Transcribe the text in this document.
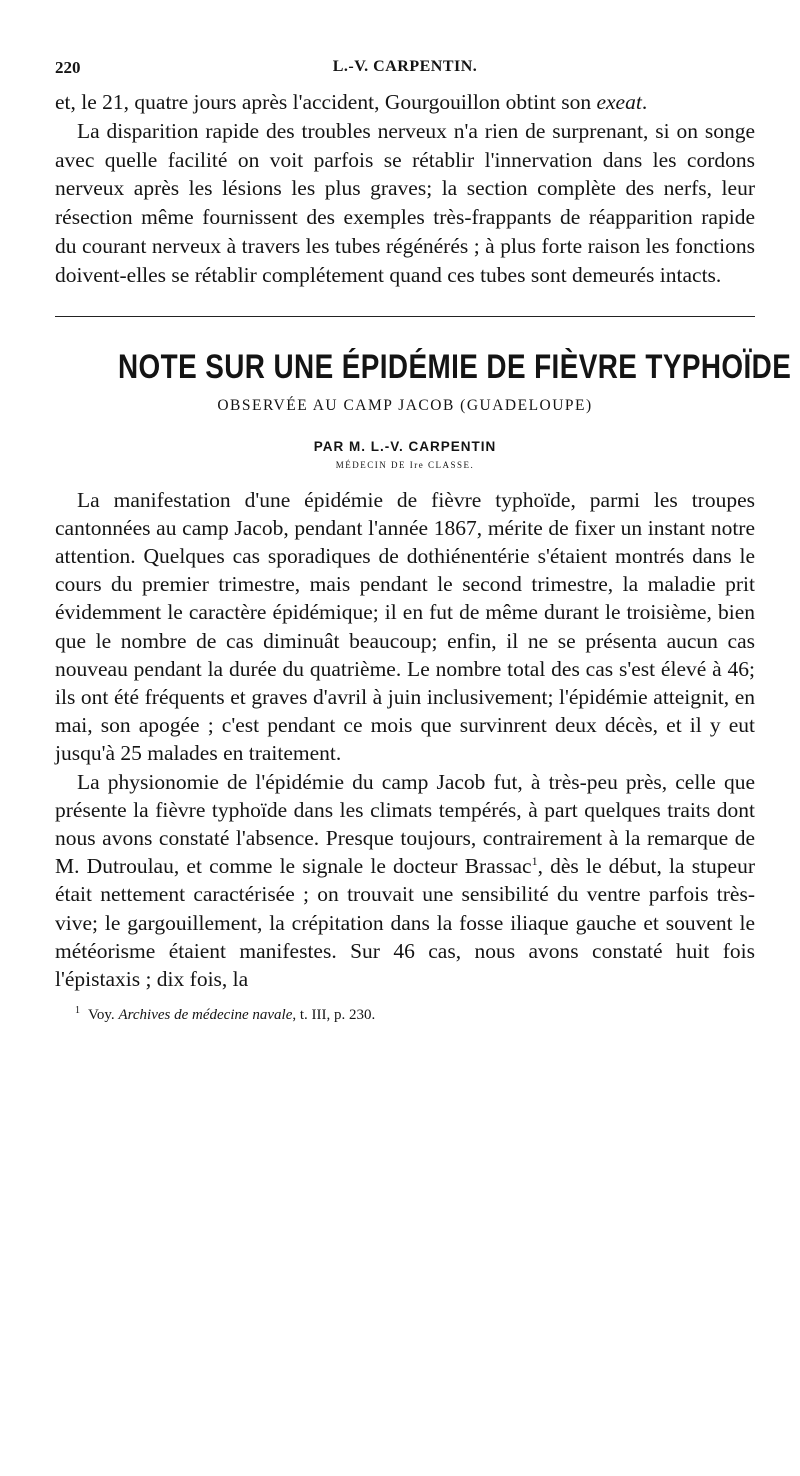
220	L.-V. CARPENTIN.

et, le 21, quatre jours après l'accident, Gourgouillon obtint son exeat.

La disparition rapide des troubles nerveux n'a rien de surprenant, si on songe avec quelle facilité on voit parfois se rétablir l'innervation dans les cordons nerveux après les lésions les plus graves; la section complète des nerfs, leur résection même fournissent des exemples très-frappants de réapparition rapide du courant nerveux à travers les tubes régénérés ; à plus forte raison les fonctions doivent-elles se rétablir complétement quand ces tubes sont demeurés intacts.

NOTE SUR UNE ÉPIDÉMIE DE FIÈVRE TYPHOÏDE
OBSERVÉE AU CAMP JACOB (GUADELOUPE)
PAR M. L.-V. CARPENTIN
MÉDECIN DE Ire CLASSE.

La manifestation d'une épidémie de fièvre typhoïde, parmi les troupes cantonnées au camp Jacob, pendant l'année 1867, mérite de fixer un instant notre attention. Quelques cas sporadiques de dothiénentérie s'étaient montrés dans le cours du premier trimestre, mais pendant le second trimestre, la maladie prit évidemment le caractère épidémique; il en fut de même durant le troisième, bien que le nombre de cas diminuât beaucoup; enfin, il ne se présenta aucun cas nouveau pendant la durée du quatrième. Le nombre total des cas s'est élevé à 46; ils ont été fréquents et graves d'avril à juin inclusivement; l'épidémie atteignit, en mai, son apogée ; c'est pendant ce mois que survinrent deux décès, et il y eut jusqu'à 25 malades en traitement.

La physionomie de l'épidémie du camp Jacob fut, à très-peu près, celle que présente la fièvre typhoïde dans les climats tempérés, à part quelques traits dont nous avons constaté l'absence. Presque toujours, contrairement à la remarque de M. Dutroulau, et comme le signale le docteur Brassac$^1$, dès le début, la stupeur était nettement caractérisée ; on trouvait une sensibilité du ventre parfois très-vive; le gargouillement, la crépitation dans la fosse iliaque gauche et souvent le météorisme étaient manifestes. Sur 46 cas, nous avons constaté huit fois l'épistaxis ; dix fois, la

$^1$ Voy. Archives de médecine navale, t. III, p. 230.
